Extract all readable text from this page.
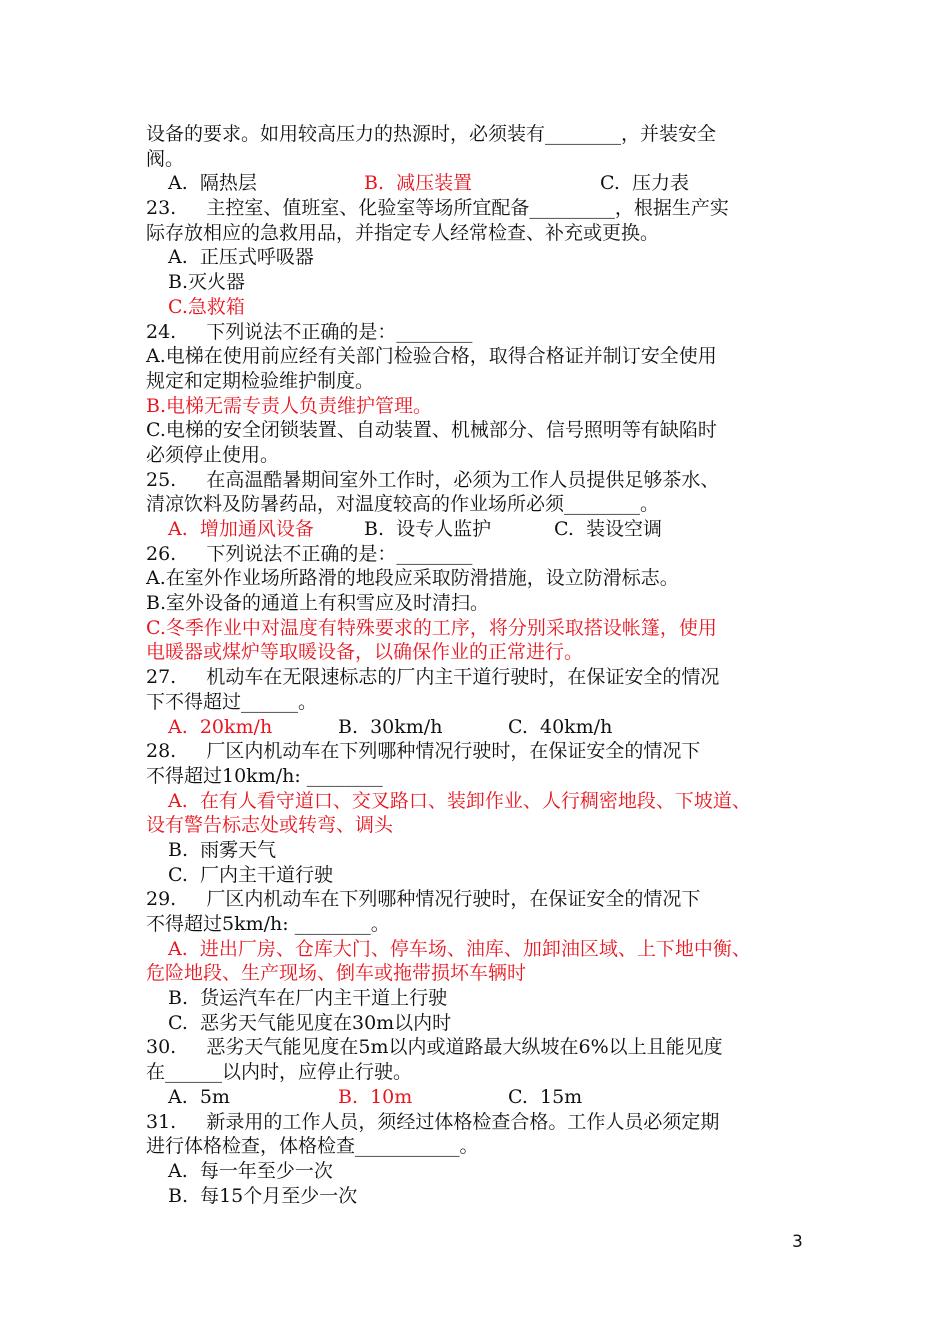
设备的要求。如用较高压力的热源时，必须装有________，并装安全
阀。
A.  隔热层	B.  减压装置	C.  压力表
23.     主控室、值班室、化验室等场所宜配备_________，根据生产实
际存放相应的急救用品，并指定专人经常检查、补充或更换。
A.  正压式呼吸器
B.灭火器
C.急救箱
24.     下列说法不正确的是：________
A.电梯在使用前应经有关部门检验合格，取得合格证并制订安全使用
规定和定期检验维护制度。
B.电梯无需专责人负责维护管理。
C.电梯的安全闭锁装置、自动装置、机械部分、信号照明等有缺陷时
必须停止使用。
25.     在高温酷暑期间室外工作时，必须为工作人员提供足够茶水、
清凉饮料及防暑药品，对温度较高的作业场所必须________。
A.  增加通风设备	B.  设专人监护	C.  装设空调
26.     下列说法不正确的是：________
A.在室外作业场所路滑的地段应采取防滑措施，设立防滑标志。
B.室外设备的通道上有积雪应及时清扫。
C.冬季作业中对温度有特殊要求的工序，将分别采取搭设帐篷，使用
电暖器或煤炉等取暖设备，以确保作业的正常进行。
27.     机动车在无限速标志的厂内主干道行驶时，在保证安全的情况
下不得超过______。
A.  20km/h	B.  30km/h	C.  40km/h
28.     厂区内机动车在下列哪种情况行驶时，在保证安全的情况下
不得超过10km/h: ________
A.  在有人看守道口、交叉路口、装卸作业、人行稠密地段、下坡道、
设有警告标志处或转弯、调头
B.  雨雾天气
C.  厂内主干道行驶
29.     厂区内机动车在下列哪种情况行驶时，在保证安全的情况下
不得超过5km/h: ________。
A.  进出厂房、仓库大门、停车场、油库、加卸油区域、上下地中衡、
危险地段、生产现场、倒车或拖带损坏车辆时
B.  货运汽车在厂内主干道上行驶
C.  恶劣天气能见度在30m以内时
30.     恶劣天气能见度在5m以内或道路最大纵坡在6%以上且能见度
在______以内时，应停止行驶。
A.  5m	B.  10m	C.  15m
31.     新录用的工作人员，须经过体格检查合格。工作人员必须定期
进行体格检查，体格检查___________。
A.  每一年至少一次
B.  每15个月至少一次
3
